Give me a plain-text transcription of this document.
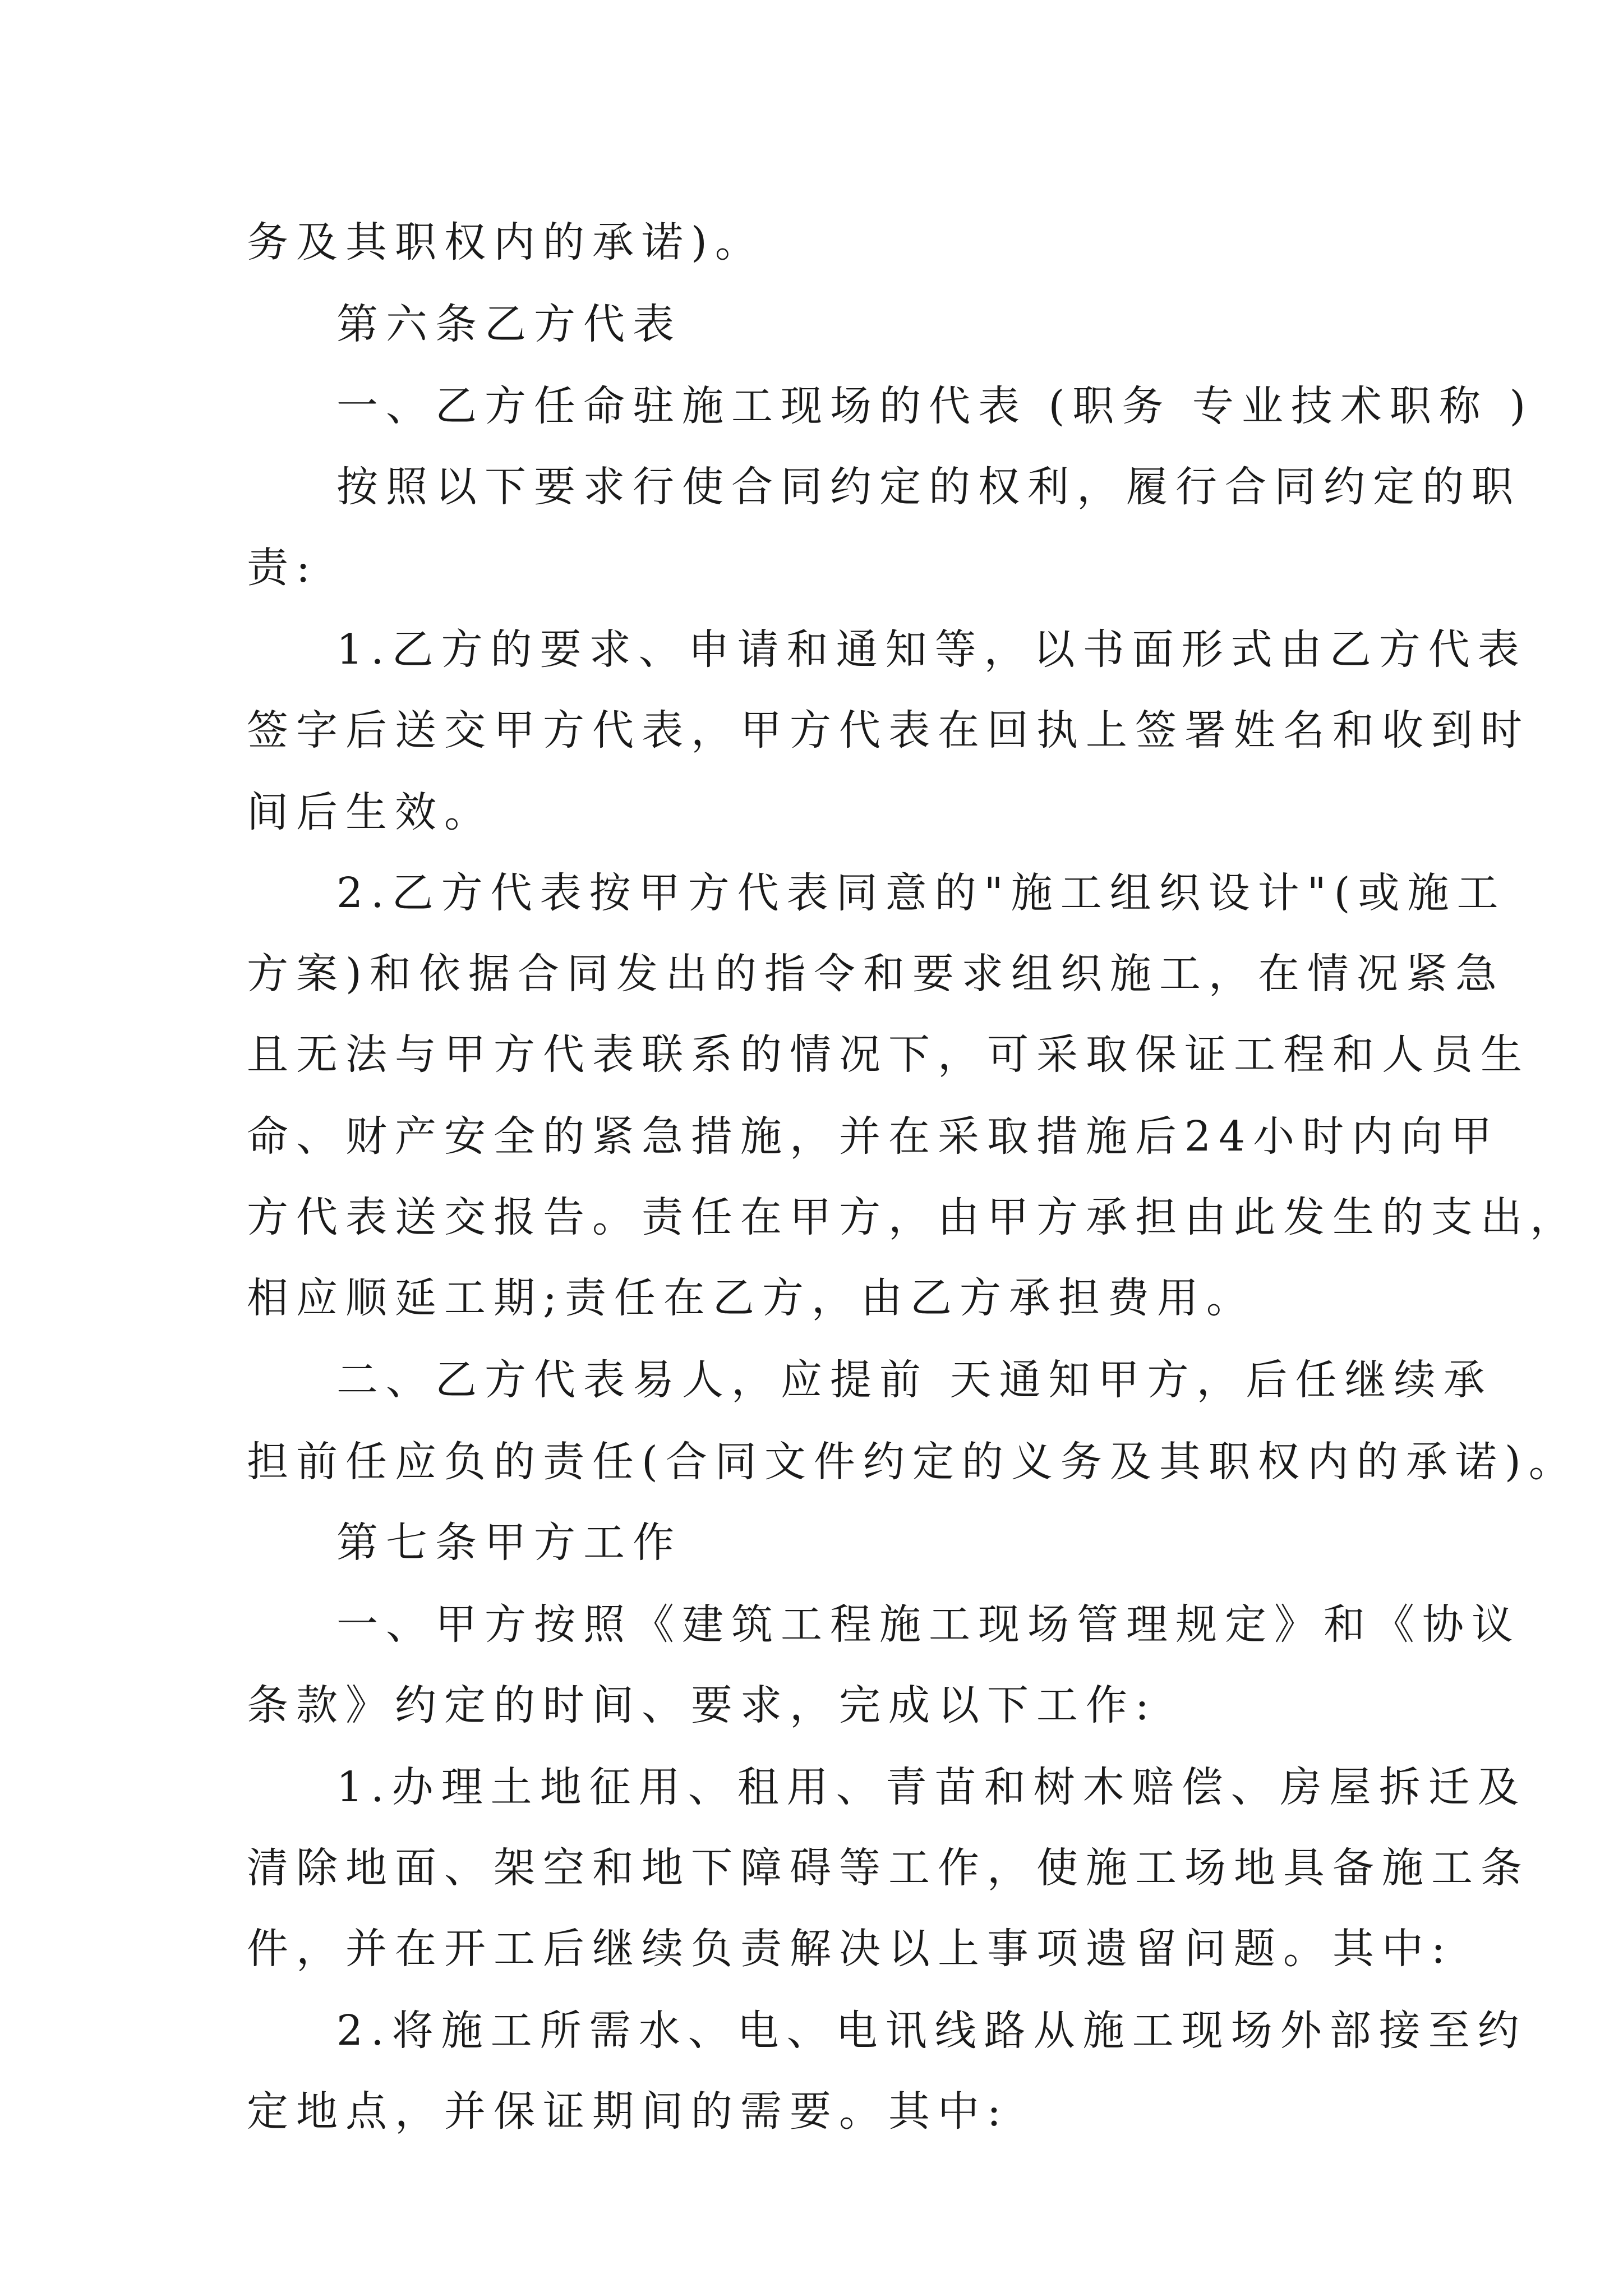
务及其职权内的承诺)。

第六条乙方代表

一、乙方任命驻施工现场的代表 (职务 专业技术职称 )

按照以下要求行使合同约定的权利，履行合同约定的职

责:

1.乙方的要求、申请和通知等，以书面形式由乙方代表

签字后送交甲方代表，甲方代表在回执上签署姓名和收到时

间后生效。

2.乙方代表按甲方代表同意的"施工组织设计"(或施工

方案)和依据合同发出的指令和要求组织施工，在情况紧急

且无法与甲方代表联系的情况下，可采取保证工程和人员生

命、财产安全的紧急措施，并在采取措施后24小时内向甲

方代表送交报告。责任在甲方，由甲方承担由此发生的支出，

相应顺延工期;责任在乙方，由乙方承担费用。

二、乙方代表易人，应提前 天通知甲方，后任继续承

担前任应负的责任(合同文件约定的义务及其职权内的承诺)。

第七条甲方工作

一、甲方按照《建筑工程施工现场管理规定》和《协议

条款》约定的时间、要求，完成以下工作:

1.办理土地征用、租用、青苗和树木赔偿、房屋拆迁及

清除地面、架空和地下障碍等工作，使施工场地具备施工条

件，并在开工后继续负责解决以上事项遗留问题。其中:

2.将施工所需水、电、电讯线路从施工现场外部接至约

定地点，并保证期间的需要。其中:
